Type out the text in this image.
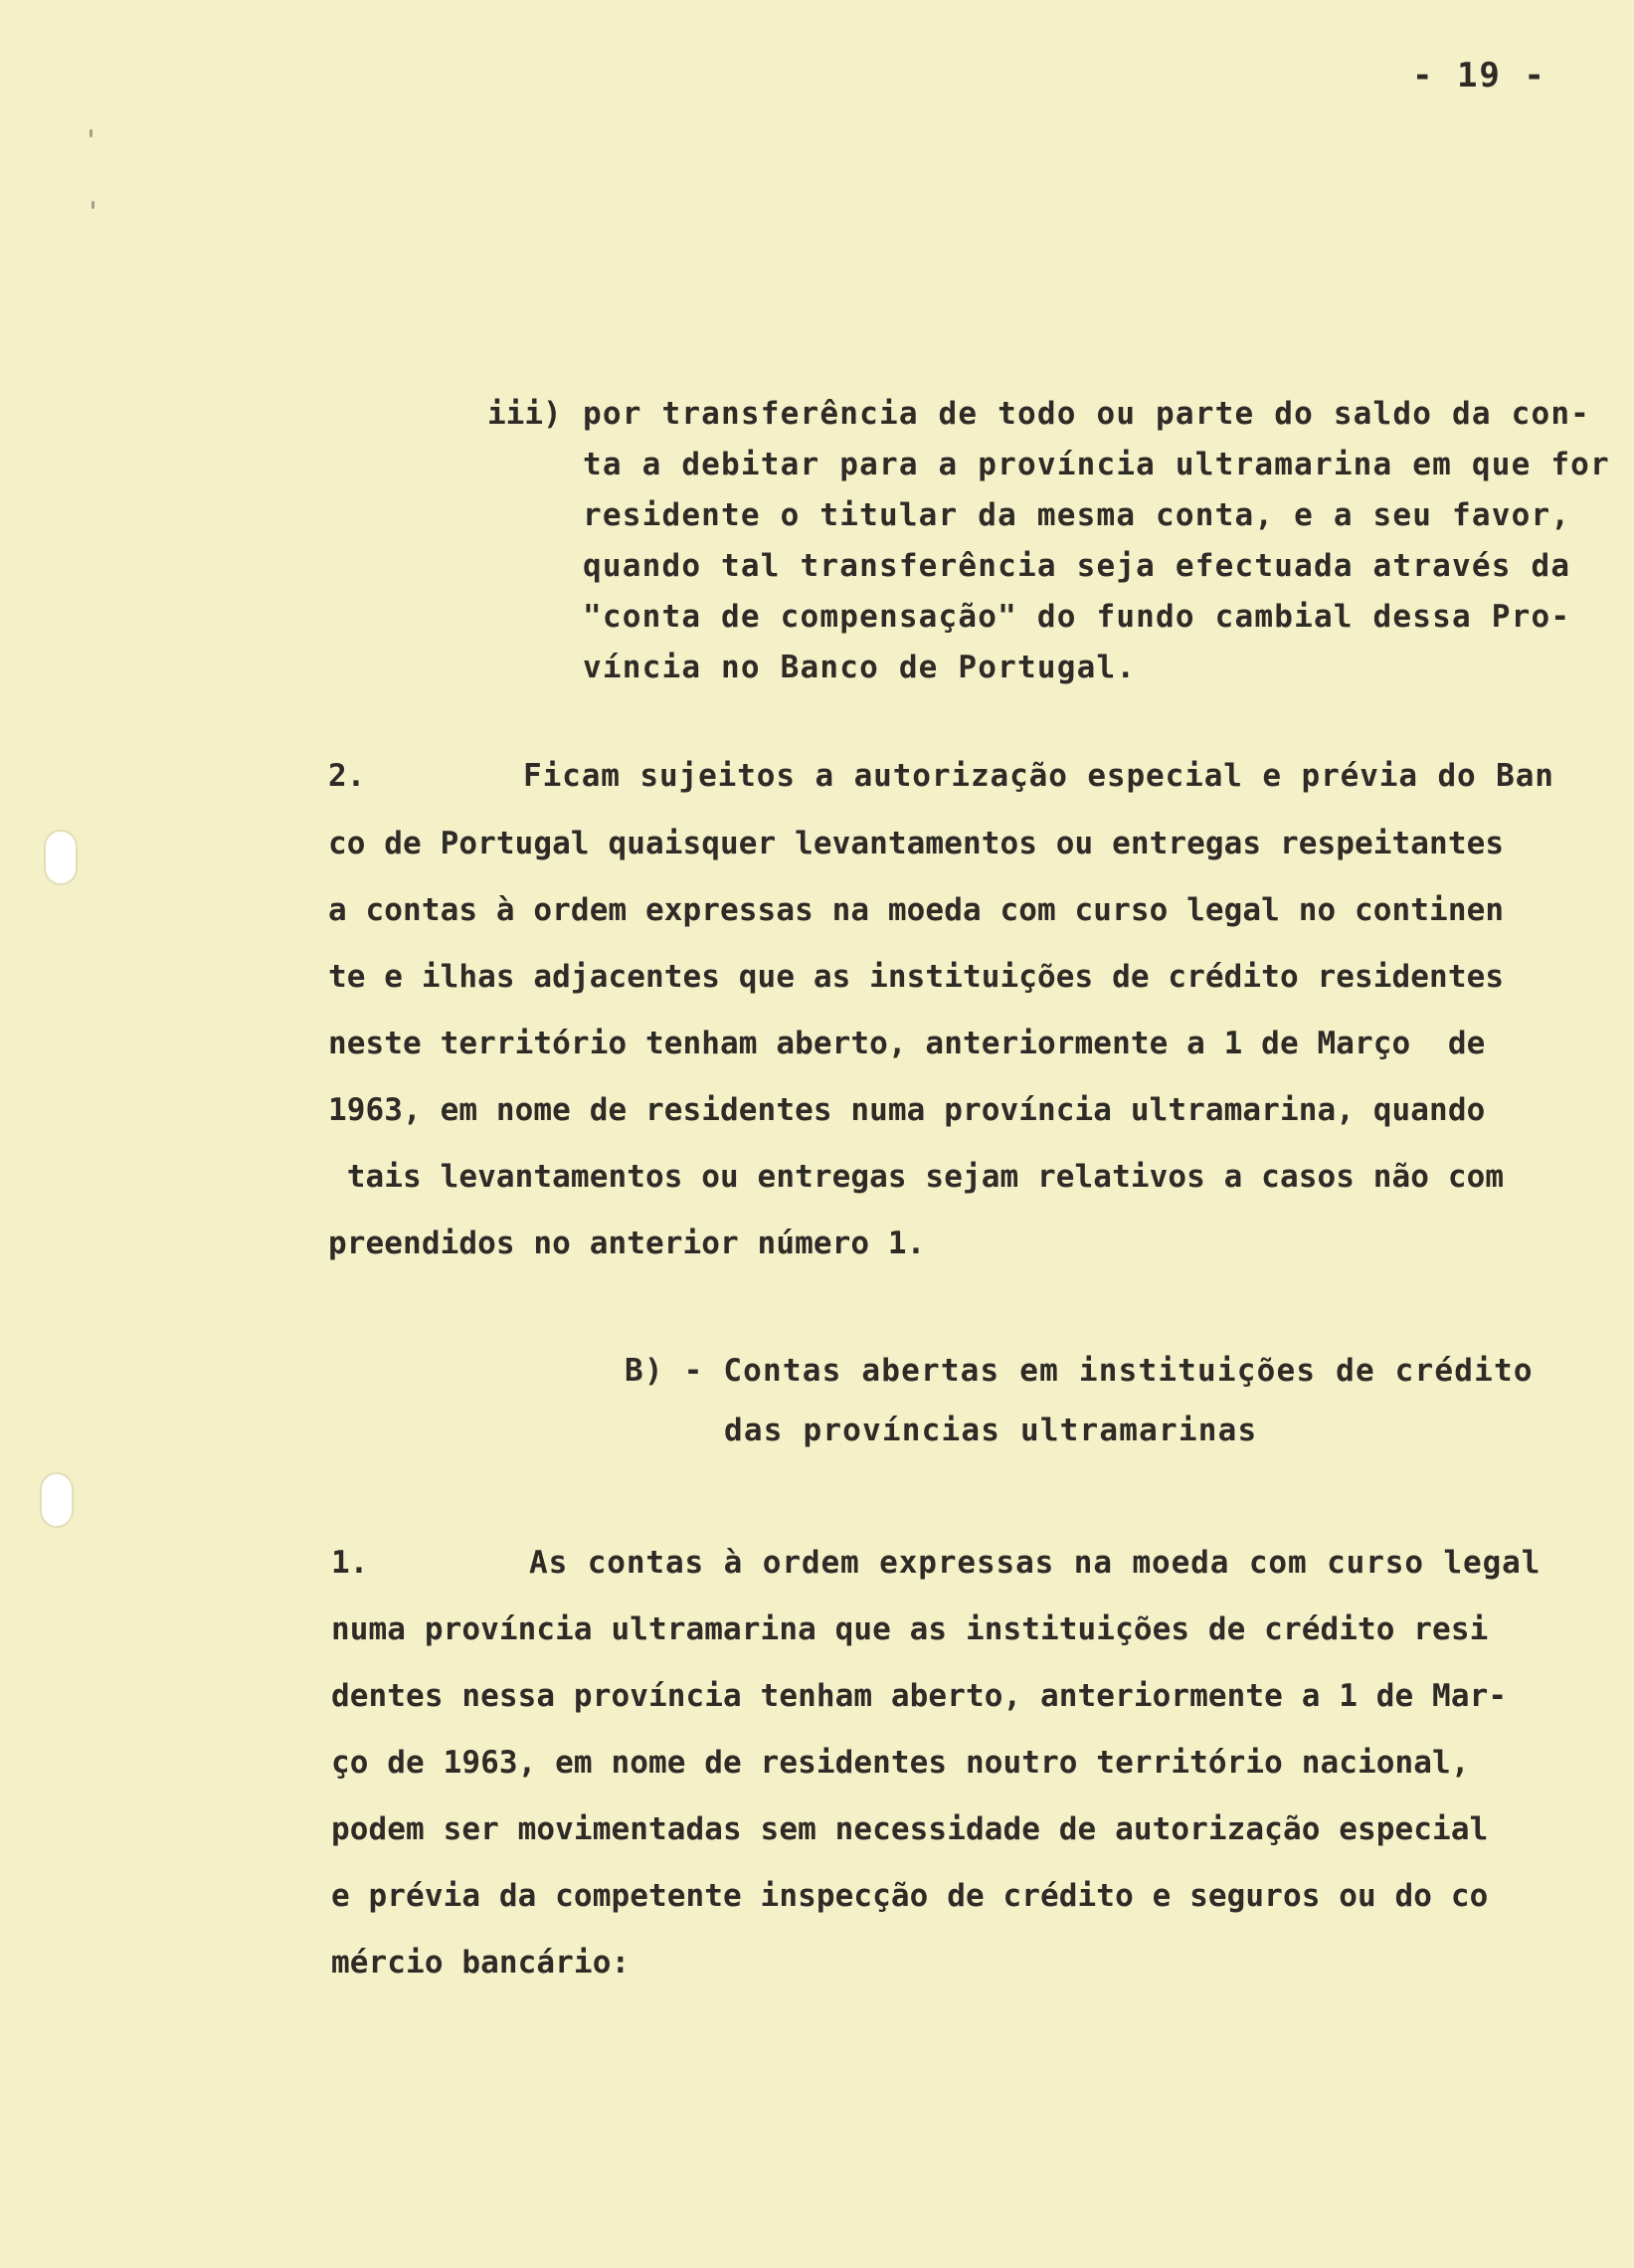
- 19 -
iii) por transferência de todo ou parte do saldo da con-
ta a debitar para a província ultramarina em que for
residente o titular da mesma conta, e a seu favor,
quando tal transferência seja efectuada através da
"conta de compensação" do fundo cambial dessa Pro-
víncia no Banco de Portugal.
2.	Ficam sujeitos a autorização especial e prévia do Ban
co de Portugal quaisquer levantamentos ou entregas respeitantes
a contas à ordem expressas na moeda com curso legal no continen
te e ilhas adjacentes que as instituições de crédito residentes
neste território tenham aberto, anteriormente a 1 de Março  de
1963, em nome de residentes numa província ultramarina, quando
tais levantamentos ou entregas sejam relativos a casos não com
preendidos no anterior número 1.
B) - Contas abertas em instituições de crédito
das províncias ultramarinas
1.	As contas à ordem expressas na moeda com curso legal
numa província ultramarina que as instituições de crédito resi
dentes nessa província tenham aberto, anteriormente a 1 de Mar-
ço de 1963, em nome de residentes noutro território nacional,
podem ser movimentadas sem necessidade de autorização especial
e prévia da competente inspecção de crédito e seguros ou do co
mércio bancário:
